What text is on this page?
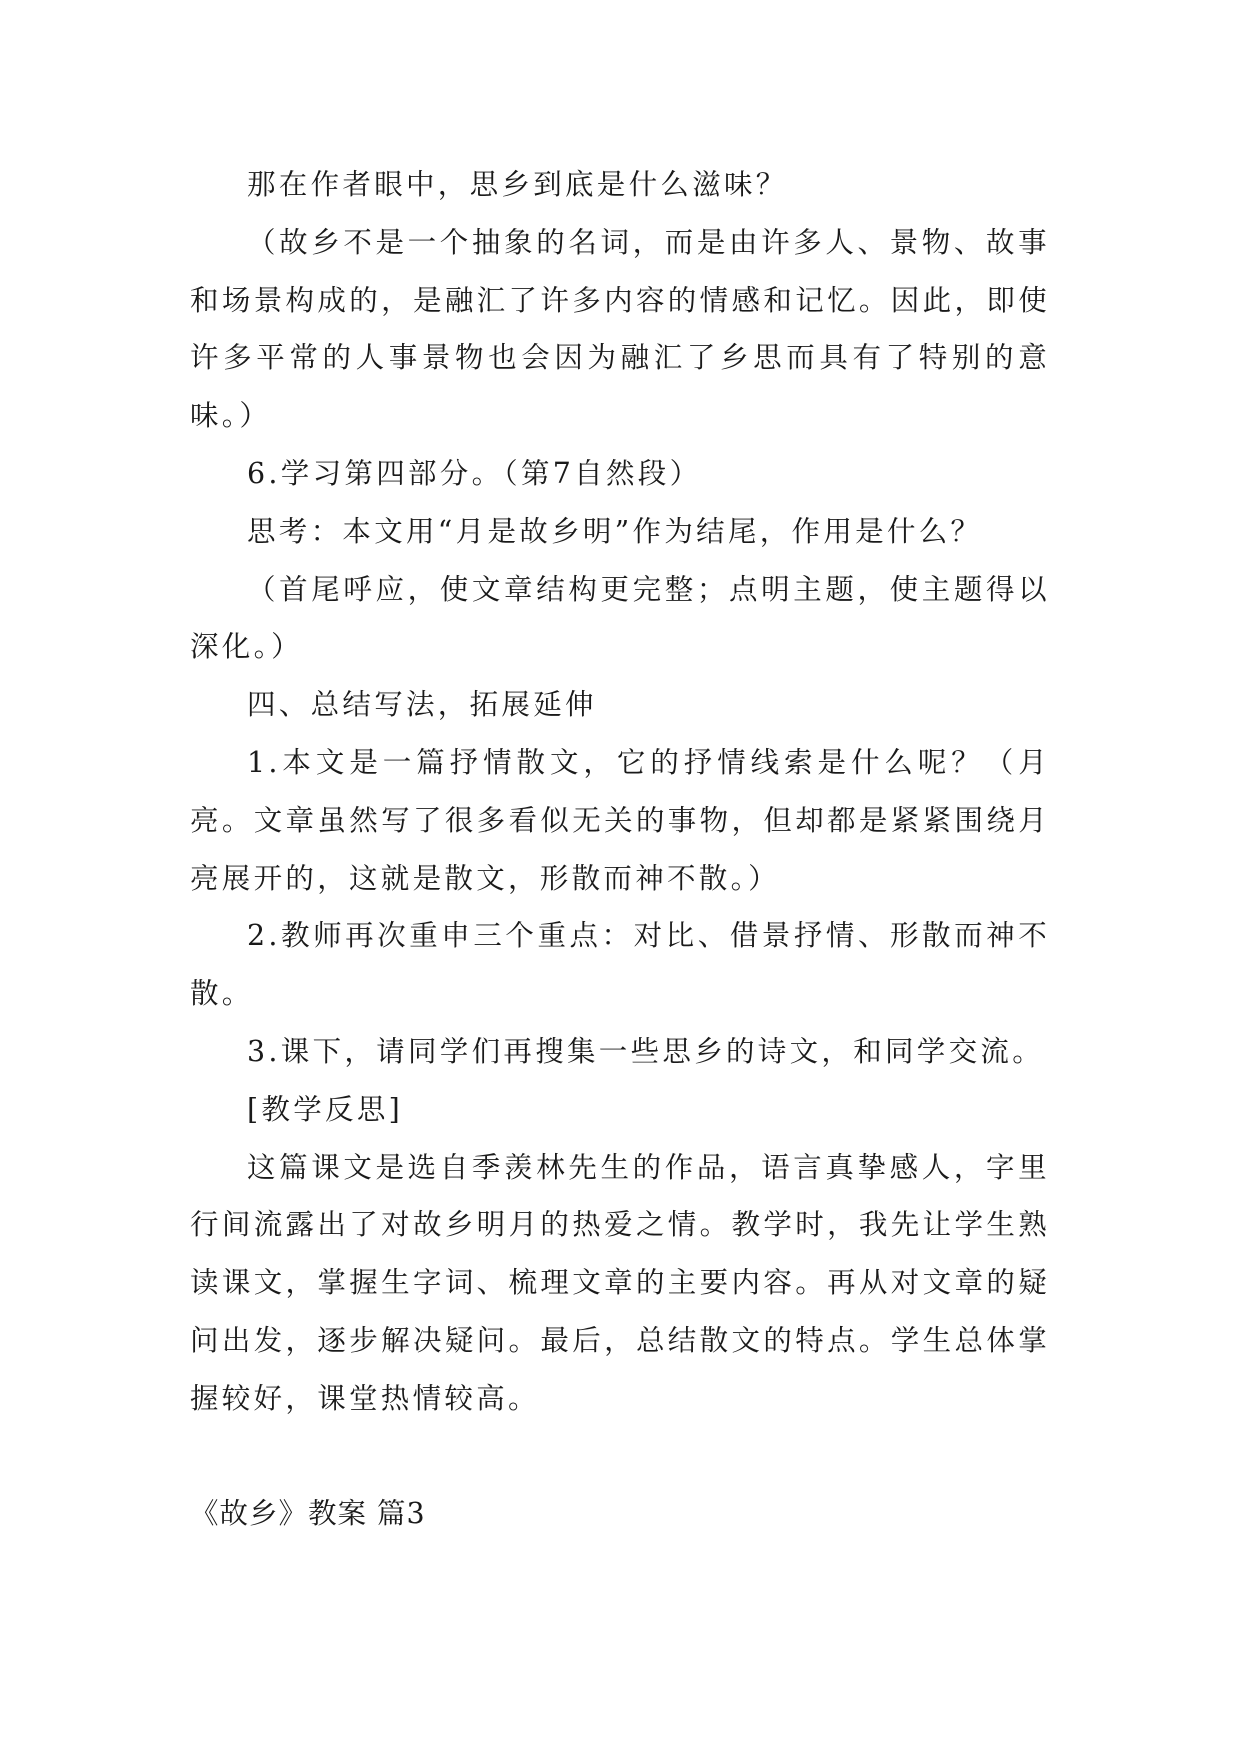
那在作者眼中，思乡到底是什么滋味？

（故乡不是一个抽象的名词，而是由许多人、景物、故事和场景构成的，是融汇了许多内容的情感和记忆。因此，即使许多平常的人事景物也会因为融汇了乡思而具有了特别的意味。）

6.学习第四部分。（第7自然段）

思考：本文用“月是故乡明”作为结尾，作用是什么？

（首尾呼应，使文章结构更完整；点明主题，使主题得以深化。）

四、总结写法，拓展延伸

1.本文是一篇抒情散文，它的抒情线索是什么呢？（月亮。文章虽然写了很多看似无关的事物，但却都是紧紧围绕月亮展开的，这就是散文，形散而神不散。）

2.教师再次重申三个重点：对比、借景抒情、形散而神不散。

3.课下，请同学们再搜集一些思乡的诗文，和同学交流。

[教学反思]

这篇课文是选自季羡林先生的作品，语言真挚感人，字里行间流露出了对故乡明月的热爱之情。教学时，我先让学生熟读课文，掌握生字词、梳理文章的主要内容。再从对文章的疑问出发，逐步解决疑问。最后，总结散文的特点。学生总体掌握较好，课堂热情较高。

《故乡》教案 篇3
